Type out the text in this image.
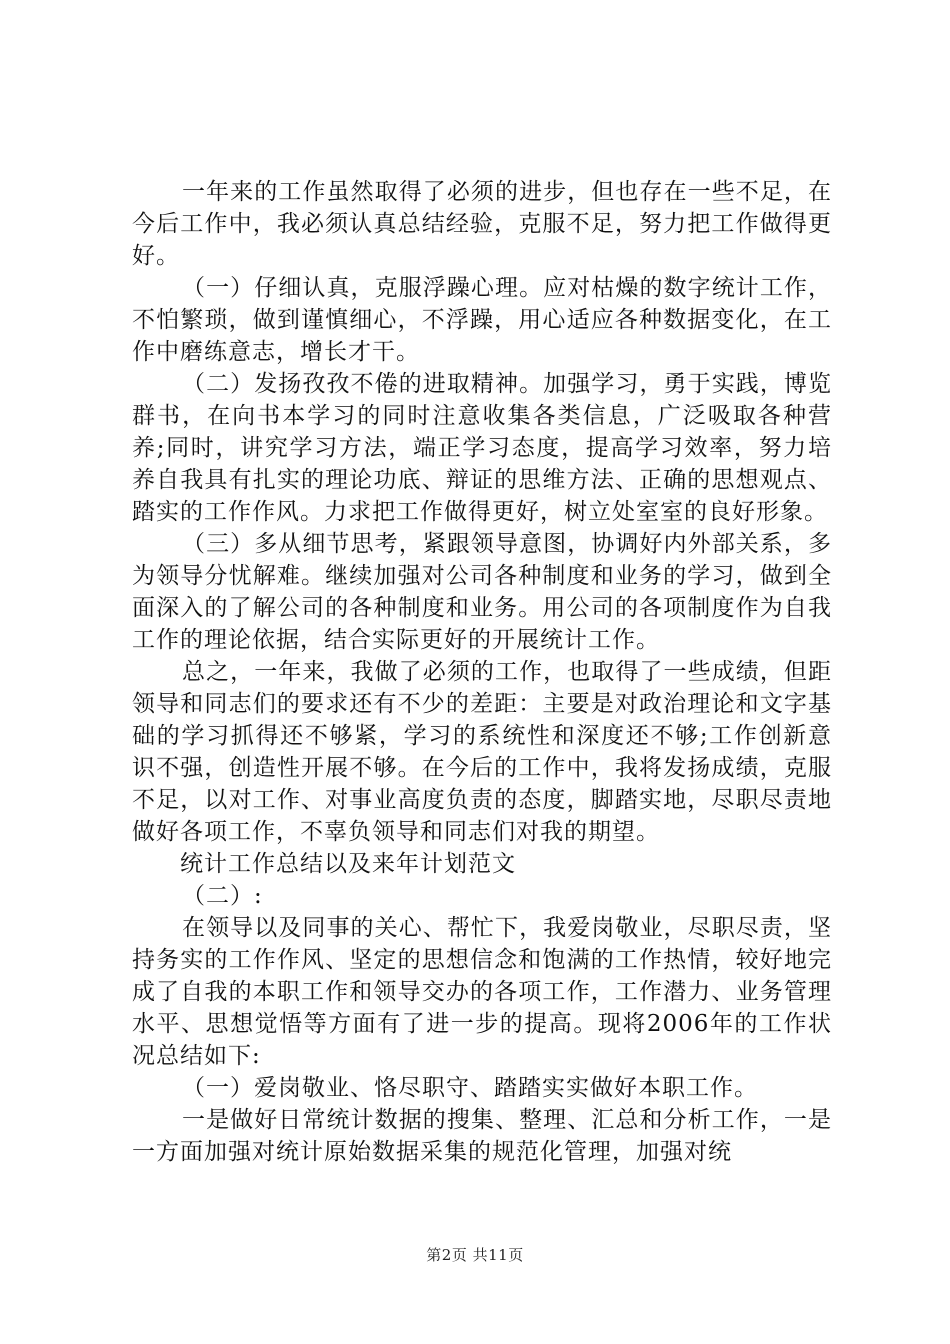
一年来的工作虽然取得了必须的进步，但也存在一些不足，在今后工作中，我必须认真总结经验，克服不足，努力把工作做得更好。

（一）仔细认真，克服浮躁心理。应对枯燥的数字统计工作，不怕繁琐，做到谨慎细心，不浮躁，用心适应各种数据变化，在工作中磨练意志，增长才干。

（二）发扬孜孜不倦的进取精神。加强学习，勇于实践，博览群书，在向书本学习的同时注意收集各类信息，广泛吸取各种营养;同时，讲究学习方法，端正学习态度，提高学习效率，努力培养自我具有扎实的理论功底、辩证的思维方法、正确的思想观点、踏实的工作作风。力求把工作做得更好，树立处室室的良好形象。

（三）多从细节思考，紧跟领导意图，协调好内外部关系，多为领导分忧解难。继续加强对公司各种制度和业务的学习，做到全面深入的了解公司的各种制度和业务。用公司的各项制度作为自我工作的理论依据，结合实际更好的开展统计工作。

总之，一年来，我做了必须的工作，也取得了一些成绩，但距领导和同志们的要求还有不少的差距：主要是对政治理论和文字基础的学习抓得还不够紧，学习的系统性和深度还不够;工作创新意识不强，创造性开展不够。在今后的工作中，我将发扬成绩，克服不足，以对工作、对事业高度负责的态度，脚踏实地，尽职尽责地做好各项工作，不辜负领导和同志们对我的期望。

统计工作总结以及来年计划范文

（二）:

在领导以及同事的关心、帮忙下，我爱岗敬业，尽职尽责，坚持务实的工作作风、坚定的思想信念和饱满的工作热情，较好地完成了自我的本职工作和领导交办的各项工作，工作潜力、业务管理水平、思想觉悟等方面有了进一步的提高。现将2006年的工作状况总结如下:

（一）爱岗敬业、恪尽职守、踏踏实实做好本职工作。

一是做好日常统计数据的搜集、整理、汇总和分析工作，一是一方面加强对统计原始数据采集的规范化管理，加强对统

第2页 共11页
